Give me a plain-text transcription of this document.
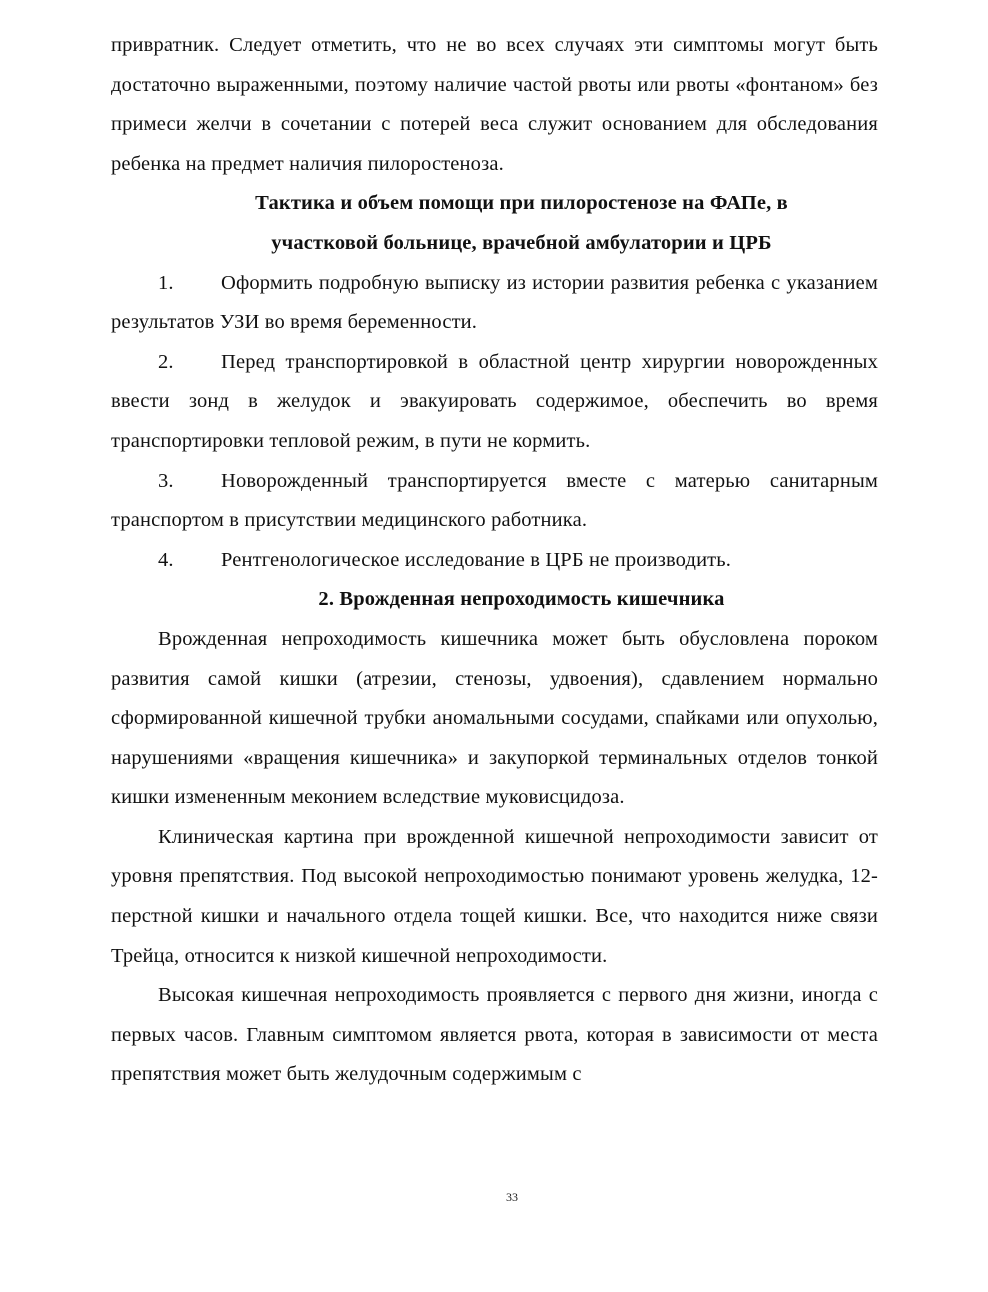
привратник. Следует отметить, что не во всех случаях эти симптомы могут быть достаточно выраженными, поэтому наличие частой рвоты или рвоты «фонтаном» без примеси желчи в сочетании с потерей веса служит основанием для обследования ребенка на предмет наличия пилоростеноза.

Тактика и объем помощи при пилоростенозе на ФАПе, в
участковой больнице, врачебной амбулатории и ЦРБ

1. Оформить подробную выписку из истории развития ребенка с указанием результатов УЗИ во время беременности.

2. Перед транспортировкой в областной центр хирургии новорожденных ввести зонд в желудок и эвакуировать содержимое, обеспечить во время транспортировки тепловой режим, в пути не кормить.

3. Новорожденный транспортируется вместе с матерью санитарным транспортом в присутствии медицинского работника.

4. Рентгенологическое исследование в ЦРБ не производить.

2. Врожденная непроходимость кишечника

Врожденная непроходимость кишечника может быть обусловлена пороком развития самой кишки (атрезии, стенозы, удвоения), сдавлением нормально сформированной кишечной трубки аномальными сосудами, спайками или опухолью, нарушениями «вращения кишечника» и закупоркой терминальных отделов тонкой кишки измененным меконием вследствие муковисцидоза.

Клиническая картина при врожденной кишечной непроходимости зависит от уровня препятствия. Под высокой непроходимостью понимают уровень желудка, 12-перстной кишки и начального отдела тощей кишки. Все, что находится ниже связи Трейца, относится к низкой кишечной непроходимости.

Высокая кишечная непроходимость проявляется с первого дня жизни, иногда с первых часов. Главным симптомом является рвота, которая в зависимости от места препятствия может быть желудочным содержимым с

33
